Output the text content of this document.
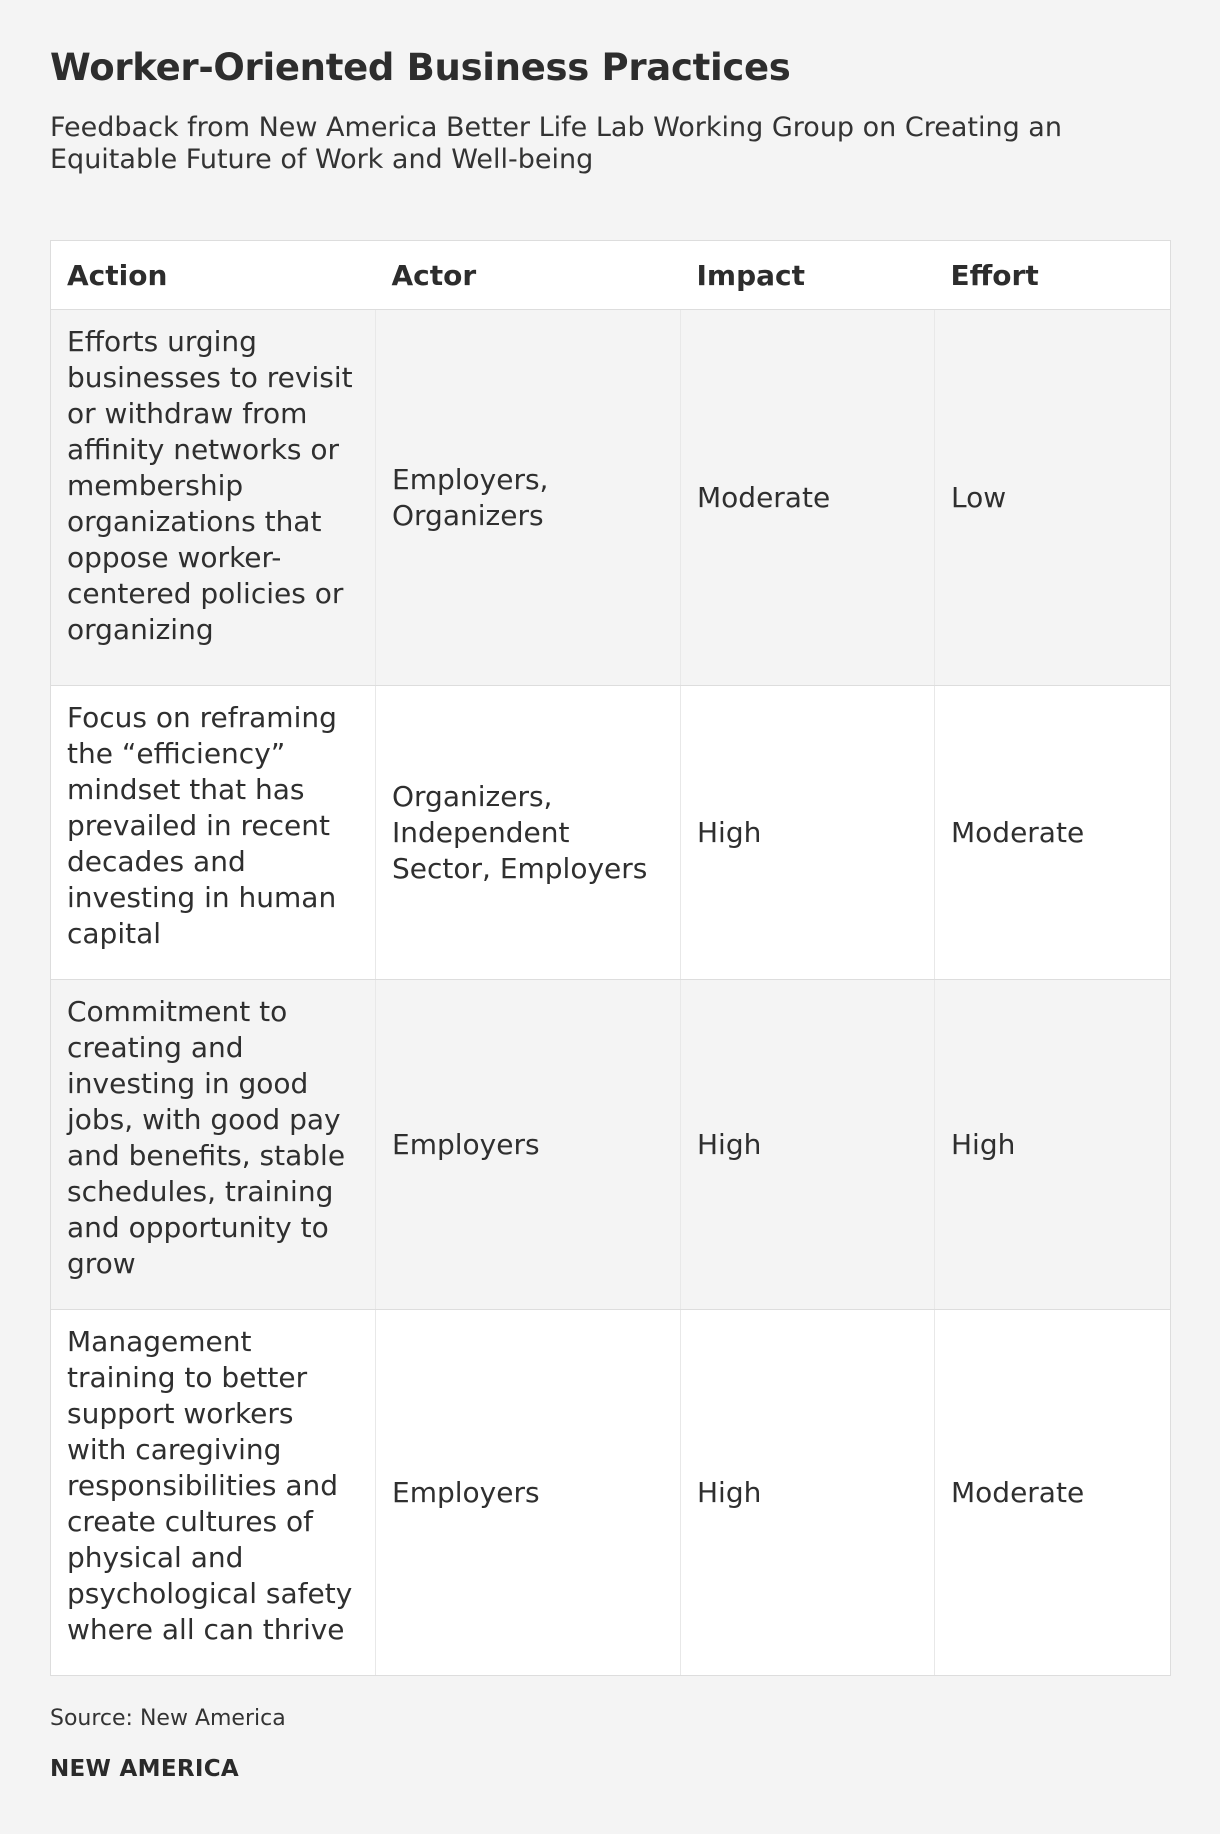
Worker-Oriented Business Practices

Feedback from New America Better Life Lab Working Group on Creating an Equitable Future of Work and Well-being

Action	Actor	Impact	Effort
Efforts urging businesses to revisit or withdraw from affinity networks or membership organizations that oppose worker-centered policies or organizing	Employers, Organizers	Moderate	Low
Focus on reframing the “efficiency” mindset that has prevailed in recent decades and investing in human capital	Organizers, Independent Sector, Employers	High	Moderate
Commitment to creating and investing in good jobs, with good pay and benefits, stable schedules, training and opportunity to grow	Employers	High	High
Management training to better support workers with caregiving responsibilities and create cultures of physical and psychological safety where all can thrive	Employers	High	Moderate
Source: New America
NEW AMERICA
